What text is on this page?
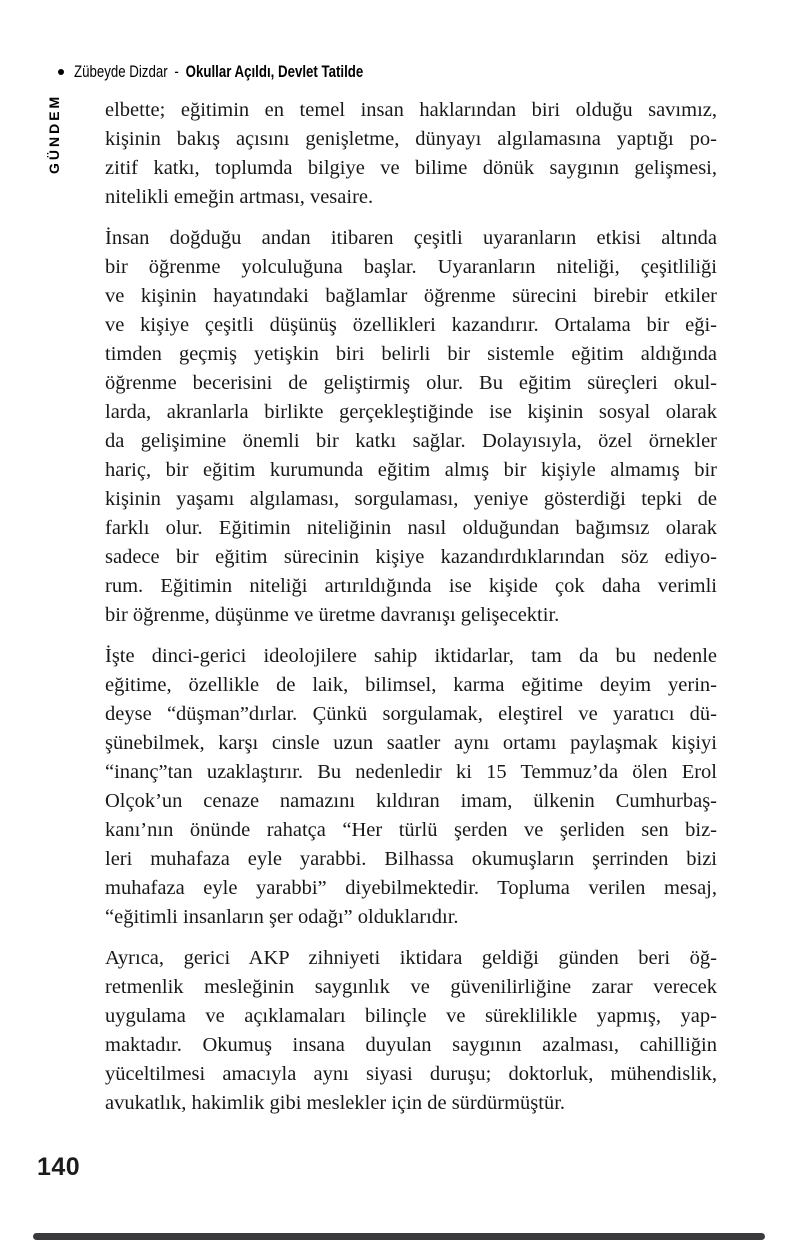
Zübeyde Dizdar - Okullar Açıldı, Devlet Tatilde
GÜNDEM elbette; eğitimin en temel insan haklarından biri olduğu savımız,
kişinin bakış açısını genişletme, dünyayı algılamasına yaptığı po-
zitif katkı, toplumda bilgiye ve bilime dönük saygının gelişmesi,
nitelikli emeğin artması, vesaire.
İnsan doğduğu andan itibaren çeşitli uyaranların etkisi altında
bir öğrenme yolculuğuna başlar. Uyaranların niteliği, çeşitliliği
ve kişinin hayatındaki bağlamlar öğrenme sürecini birebir etkiler
ve kişiye çeşitli düşünüş özellikleri kazandırır. Ortalama bir eği-
timden geçmiş yetişkin biri belirli bir sistemle eğitim aldığında
öğrenme becerisini de geliştirmiş olur. Bu eğitim süreçleri okul-
larda, akranlarla birlikte gerçekleştiğinde ise kişinin sosyal olarak
da gelişimine önemli bir katkı sağlar. Dolayısıyla, özel örnekler
hariç, bir eğitim kurumunda eğitim almış bir kişiyle almamış bir
kişinin yaşamı algılaması, sorgulaması, yeniye gösterdiği tepki de
farklı olur. Eğitimin niteliğinin nasıl olduğundan bağımsız olarak
sadece bir eğitim sürecinin kişiye kazandırdıklarından söz ediyo-
rum. Eğitimin niteliği artırıldığında ise kişide çok daha verimli
bir öğrenme, düşünme ve üretme davranışı gelişecektir.
İşte dinci-gerici ideolojilere sahip iktidarlar, tam da bu nedenle
eğitime, özellikle de laik, bilimsel, karma eğitime deyim yerin-
deyse “düşman”dırlar. Çünkü sorgulamak, eleştirel ve yaratıcı dü-
şünebilmek, karşı cinsle uzun saatler aynı ortamı paylaşmak kişiyi
“inanç”tan uzaklaştırır. Bu nedenledir ki 15 Temmuz’da ölen Erol
Olçok’un cenaze namazını kıldıran imam, ülkenin Cumhurbaş-
kanı’nın önünde rahatça “Her türlü şerden ve şerliden sen biz-
leri muhafaza eyle yarabbi. Bilhassa okumuşların şerrinden bizi
muhafaza eyle yarabbi” diyebilmektedir. Topluma verilen mesaj,
“eğitimli insanların şer odağı” olduklarıdır.
Ayrıca, gerici AKP zihniyeti iktidara geldiği günden beri öğ-
retmenlik mesleğinin saygınlık ve güvenilirliğine zarar verecek
uygulama ve açıklamaları bilinçle ve süreklilikle yapmış, yap-
maktadır. Okumuş insana duyulan saygının azalması, cahilliğin
yüceltilmesi amacıyla aynı siyasi duruşu; doktorluk, mühendislik,
avukatlık, hakimlik gibi meslekler için de sürdürmüştür.
140
